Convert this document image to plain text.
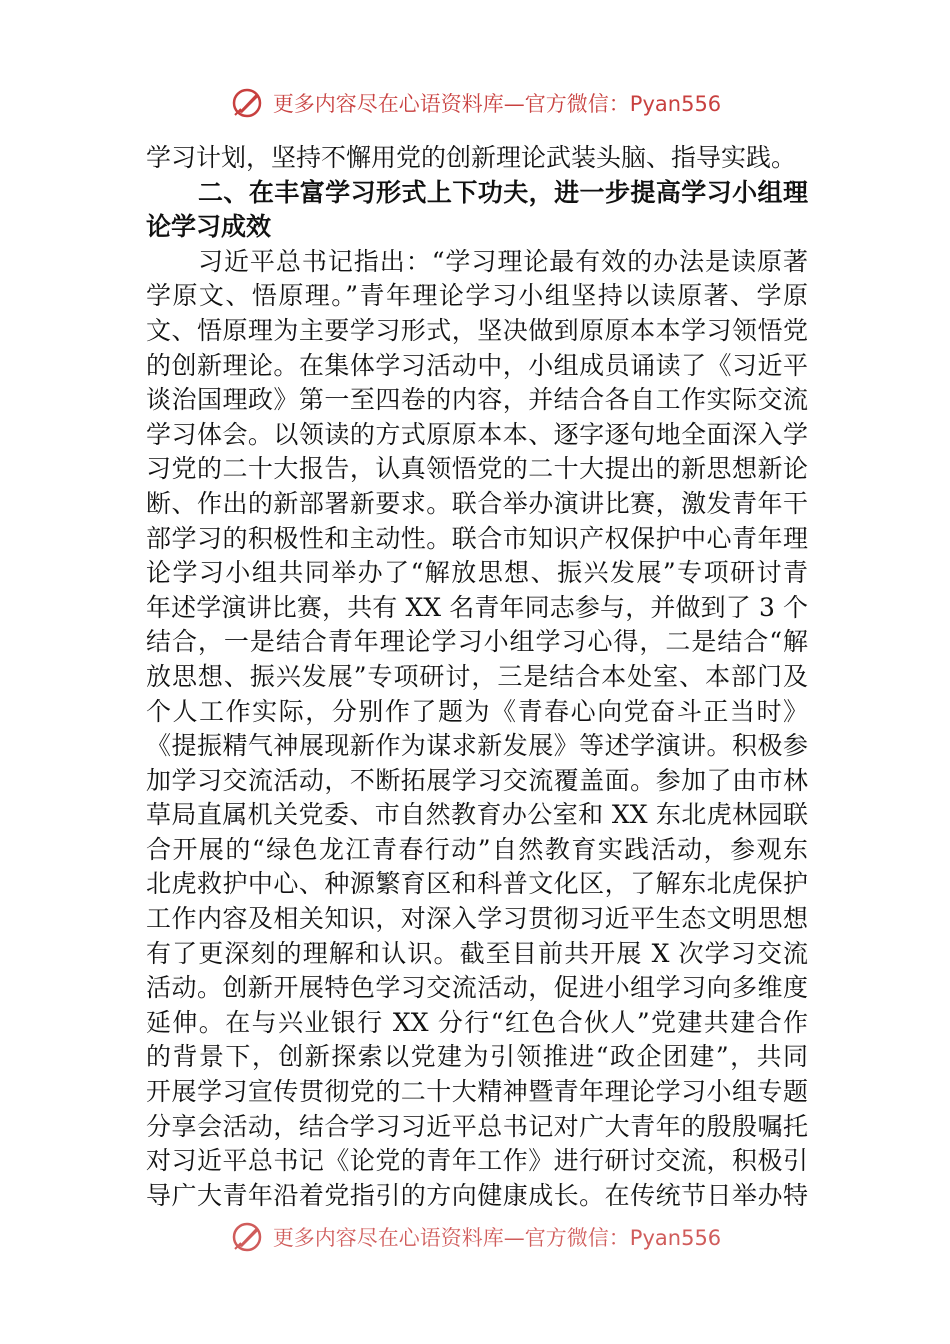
更多内容尽在心语资料库—官方微信：Pyan556
学习计划，坚持不懈用党的创新理论武装头脑、指导实践。
二、在丰富学习形式上下功夫，进一步提高学习小组理
论学习成效
习近平总书记指出：“学习理论最有效的办法是读原著
学原文、悟原理。”青年理论学习小组坚持以读原著、学原
文、悟原理为主要学习形式，坚决做到原原本本学习领悟党
的创新理论。在集体学习活动中，小组成员诵读了《习近平
谈治国理政》第一至四卷的内容，并结合各自工作实际交流
学习体会。以领读的方式原原本本、逐字逐句地全面深入学
习党的二十大报告，认真领悟党的二十大提出的新思想新论
断、作出的新部署新要求。联合举办演讲比赛，激发青年干
部学习的积极性和主动性。联合市知识产权保护中心青年理
论学习小组共同举办了“解放思想、振兴发展”专项研讨青
年述学演讲比赛，共有 XX 名青年同志参与，并做到了 3 个
结合，一是结合青年理论学习小组学习心得，二是结合“解
放思想、振兴发展”专项研讨，三是结合本处室、本部门及
个人工作实际，分别作了题为《青春心向党奋斗正当时》
《提振精气神展现新作为谋求新发展》等述学演讲。积极参
加学习交流活动，不断拓展学习交流覆盖面。参加了由市林
草局直属机关党委、市自然教育办公室和 XX 东北虎林园联
合开展的“绿色龙江青春行动”自然教育实践活动，参观东
北虎救护中心、种源繁育区和科普文化区，了解东北虎保护
工作内容及相关知识，对深入学习贯彻习近平生态文明思想
有了更深刻的理解和认识。截至目前共开展 X 次学习交流
活动。创新开展特色学习交流活动，促进小组学习向多维度
延伸。在与兴业银行 XX 分行“红色合伙人”党建共建合作
的背景下，创新探索以党建为引领推进“政企团建”，共同
开展学习宣传贯彻党的二十大精神暨青年理论学习小组专题
分享会活动，结合学习习近平总书记对广大青年的殷殷嘱托
对习近平总书记《论党的青年工作》进行研讨交流，积极引
导广大青年沿着党指引的方向健康成长。在传统节日举办特
更多内容尽在心语资料库—官方微信：Pyan556
